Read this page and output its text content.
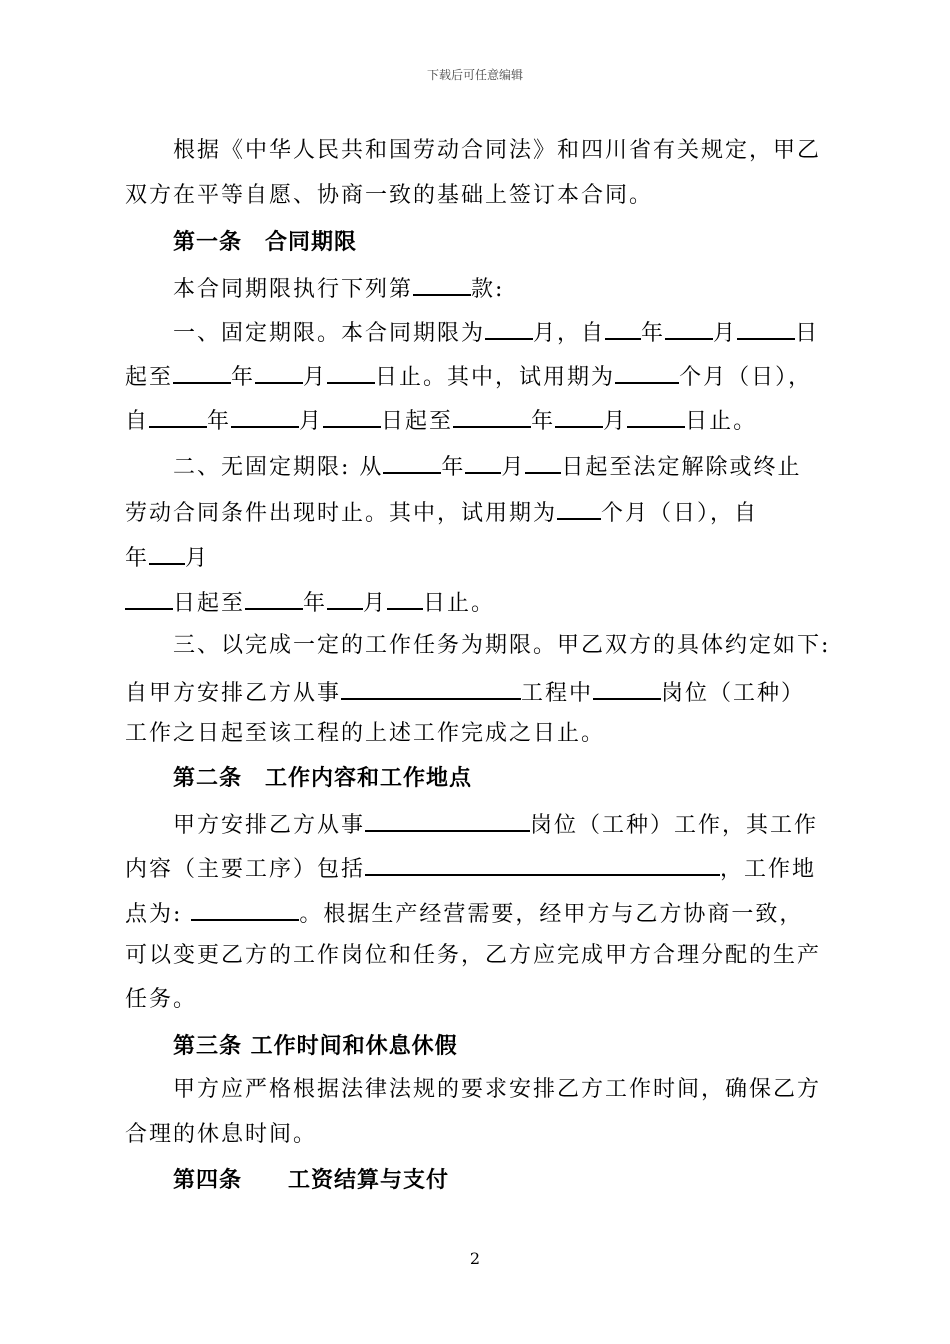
下载后可任意编辑
根据《中华人民共和国劳动合同法》和四川省有关规定，甲乙
双方在平等自愿、协商一致的基础上签订本合同。
第一条　合同期限
本合同期限执行下列第	款:
一、固定期限。本合同期限为 月，自 年 月	日
起至	年 月 日止。其中，试用期为	个月（日），
自	年	月	日起至	年 月	日止。
二、无固定期限: 从	年 月 日起至法定解除或终止
劳动合同条件出现时止。其中，试用期为 个月（日），自
年 月
日起至	年 月 日止。
三、以完成一定的工作任务为期限。甲乙双方的具体约定如下:
自甲方安排乙方从事	工程中	岗位（工种）
工作之日起至该工程的上述工作完成之日止。
第二条　工作内容和工作地点
甲方安排乙方从事	岗位（工种）工作，其工作
内容（主要工序）包括	，工作地
点为:	。根据生产经营需要，经甲方与乙方协商一致，
可以变更乙方的工作岗位和任务，乙方应完成甲方合理分配的生产
任务。
第三条 工作时间和休息休假
甲方应严格根据法律法规的要求安排乙方工作时间，确保乙方
合理的休息时间。
第四条　　工资结算与支付
2
